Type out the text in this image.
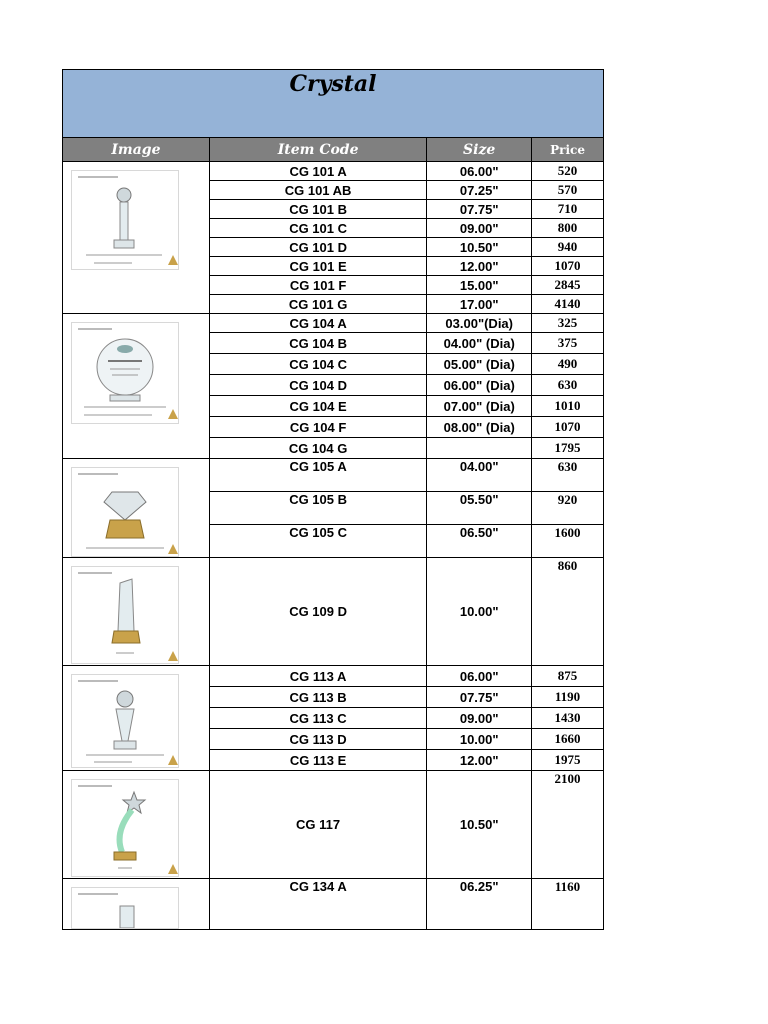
Crystal
Image	Item Code	Size	Price

	CG 101 A	06.00"	520
	CG 101 AB	07.25"	570
	CG 101 B	07.75"	710
	CG 101 C	09.00"	800
	CG 101 D	10.50"	940
	CG 101 E	12.00"	1070
	CG 101 F	15.00"	2845
	CG 101 G	17.00"	4140

	CG 104 A	03.00"(Dia)	325
	CG 104 B	04.00" (Dia)	375
	CG 104 C	05.00" (Dia)	490
	CG 104 D	06.00" (Dia)	630
	CG 104 E	07.00" (Dia)	1010
	CG 104 F	08.00" (Dia)	1070
	CG 104 G		1795

	CG 105 A	04.00"	630
	CG 105 B	05.50"	920
	CG 105 C	06.50"	1600

	CG 109 D	10.00"	860

	CG 113 A	06.00"	875
	CG 113 B	07.75"	1190
	CG 113 C	09.00"	1430
	CG 113 D	10.00"	1660
	CG 113 E	12.00"	1975

	CG 117	10.50"	2100

	CG 134 A	06.25"	1160
